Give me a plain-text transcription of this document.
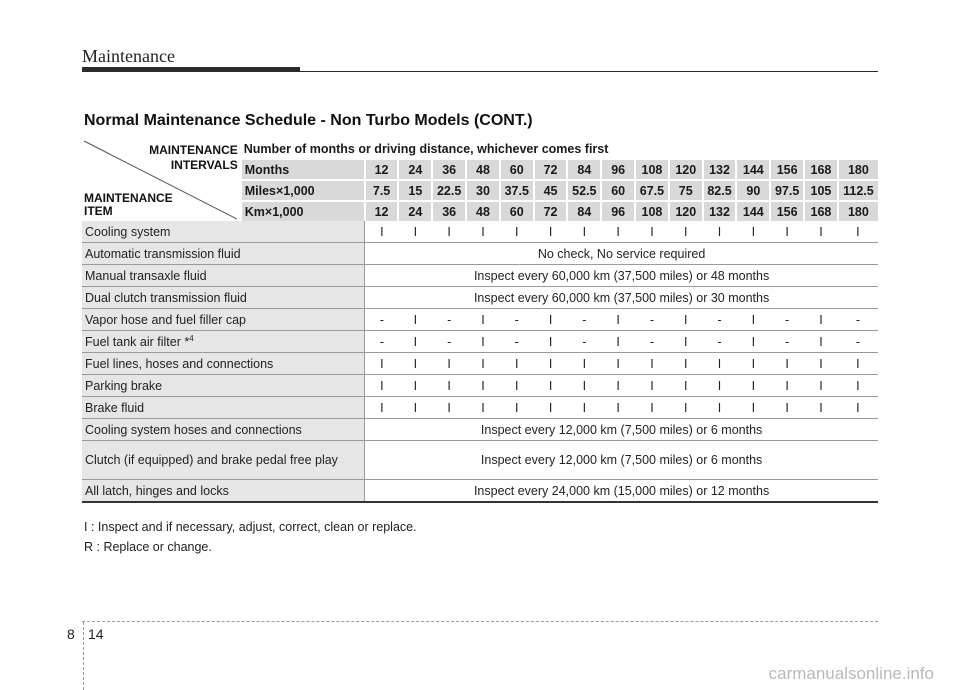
Maintenance
Normal Maintenance Schedule - Non Turbo Models (CONT.)
MAINTENANCE
INTERVALS
MAINTENANCE
ITEM	Number of months or driving distance, whichever comes first															
	Months	12	24	36	48	60	72	84	96	108	120	132	144	156	168	180
	Miles×1,000	7.5	15	22.5	30	37.5	45	52.5	60	67.5	75	82.5	90	97.5	105	112.5
	Km×1,000	12	24	36	48	60	72	84	96	108	120	132	144	156	168	180
Cooling system		I	I	I	I	I	I	I	I	I	I	I	I	I	I	I
Automatic transmission fluid		No check, No service required														
Manual transaxle fluid		Inspect every 60,000 km (37,500 miles) or 48 months														
Dual clutch transmission fluid		Inspect every 60,000 km (37,500 miles) or 30 months														
Vapor hose and fuel filler cap		-	I	-	I	-	I	-	I	-	I	-	I	-	I	-
Fuel tank air filter *$^4$		-	I	-	I	-	I	-	I	-	I	-	I	-	I	-
Fuel lines, hoses and connections		I	I	I	I	I	I	I	I	I	I	I	I	I	I	I
Parking brake		I	I	I	I	I	I	I	I	I	I	I	I	I	I	I
Brake fluid		I	I	I	I	I	I	I	I	I	I	I	I	I	I	I
Cooling system hoses and connections		Inspect every 12,000 km (7,500 miles) or 6 months														
Clutch (if equipped) and brake pedal free play		Inspect every 12,000 km (7,500 miles) or 6 months														
All latch, hinges and locks		Inspect every 24,000 km (15,000 miles) or 12 months														
I : Inspect and if necessary, adjust, correct, clean or replace.
R : Replace or change.
8 14
carmanualsonline.info
